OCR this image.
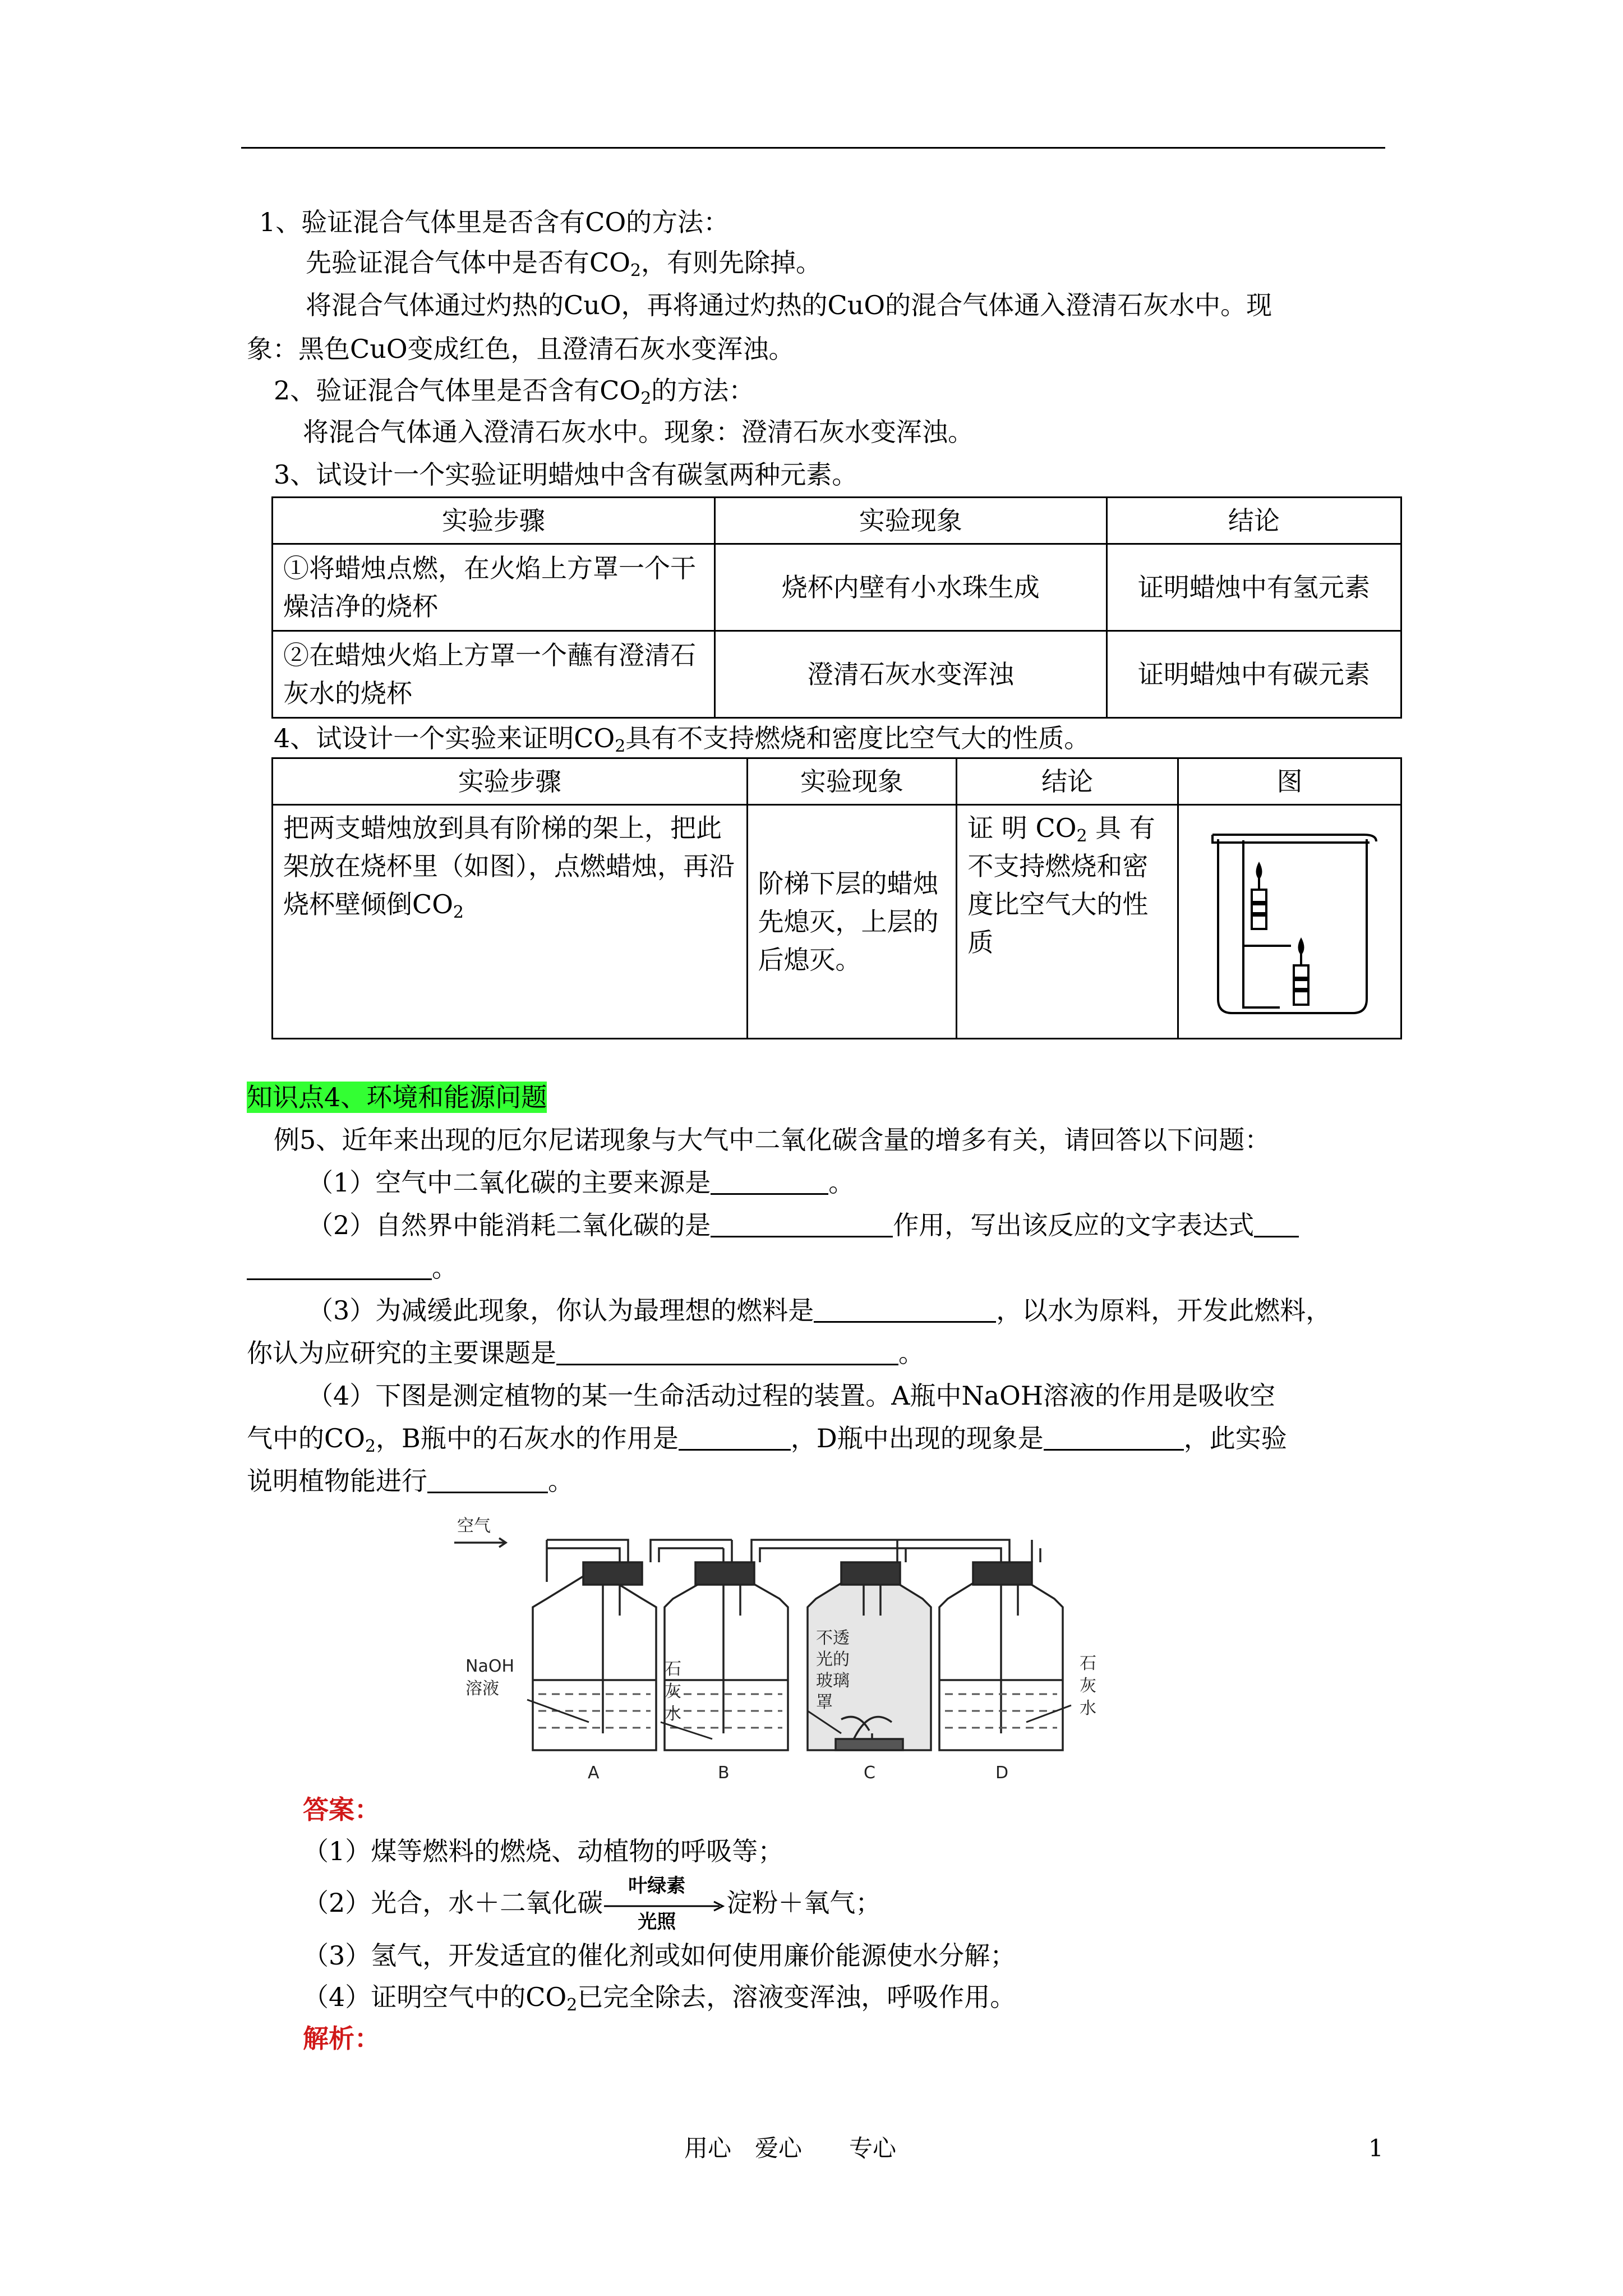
1、验证混合气体里是否含有CO的方法：
先验证混合气体中是否有$CO_2$，有则先除掉。
将混合气体通过灼热的CuO，再将通过灼热的CuO的混合气体通入澄清石灰水中。现
象：黑色CuO变成红色，且澄清石灰水变浑浊。
2、验证混合气体里是否含有$CO_2$的方法：
将混合气体通入澄清石灰水中。现象：澄清石灰水变浑浊。
3、试设计一个实验证明蜡烛中含有碳氢两种元素。
实验步骤	实验现象	结论
①将蜡烛点燃，在火焰上方罩一个干燥洁净的烧杯	烧杯内壁有小水珠生成	证明蜡烛中有氢元素
②在蜡烛火焰上方罩一个蘸有澄清石灰水的烧杯	澄清石灰水变浑浊	证明蜡烛中有碳元素
4、试设计一个实验来证明$CO_2$具有不支持燃烧和密度比空气大的性质。
实验步骤	实验现象	结论	图
把两支蜡烛放到具有阶梯的架上，把此架放在烧杯里（如图），点燃蜡烛，再沿烧杯壁倾倒$CO_2$	阶梯下层的蜡烛先熄灭，上层的后熄灭。	证 明 $CO_2$ 具 有不支持燃烧和密度比空气大的性质	
知识点4、环境和能源问题
例5、近年来出现的厄尔尼诺现象与大气中二氧化碳含量的增多有关，请回答以下问题：
（1）空气中二氧化碳的主要来源是	。
（2）自然界中能消耗二氧化碳的是	作用，写出该反应的文字表达式
。
（3）为减缓此现象，你认为最理想的燃料是	，以水为原料，开发此燃料，
你认为应研究的主要课题是	。
（4）下图是测定植物的某一生命活动过程的装置。A瓶中NaOH溶液的作用是吸收空
气中的$CO_2$，B瓶中的石灰水的作用是	，D瓶中出现的现象是	，此实验
说明植物能进行	。
空气
NaOH
溶液
石
灰
水
不透
光的
玻璃
罩
石
灰
水
A	B	C	D
答案：
（1）煤等燃料的燃烧、动植物的呼吸等；
（2）光合，水＋二氧化碳
叶绿素
光照
淀粉＋氧气；
（3）氢气，开发适宜的催化剂或如何使用廉价能源使水分解；
（4）证明空气中的$CO_2$已完全除去，溶液变浑浊，呼吸作用。
解析：
用心　爱心　　专心	1
